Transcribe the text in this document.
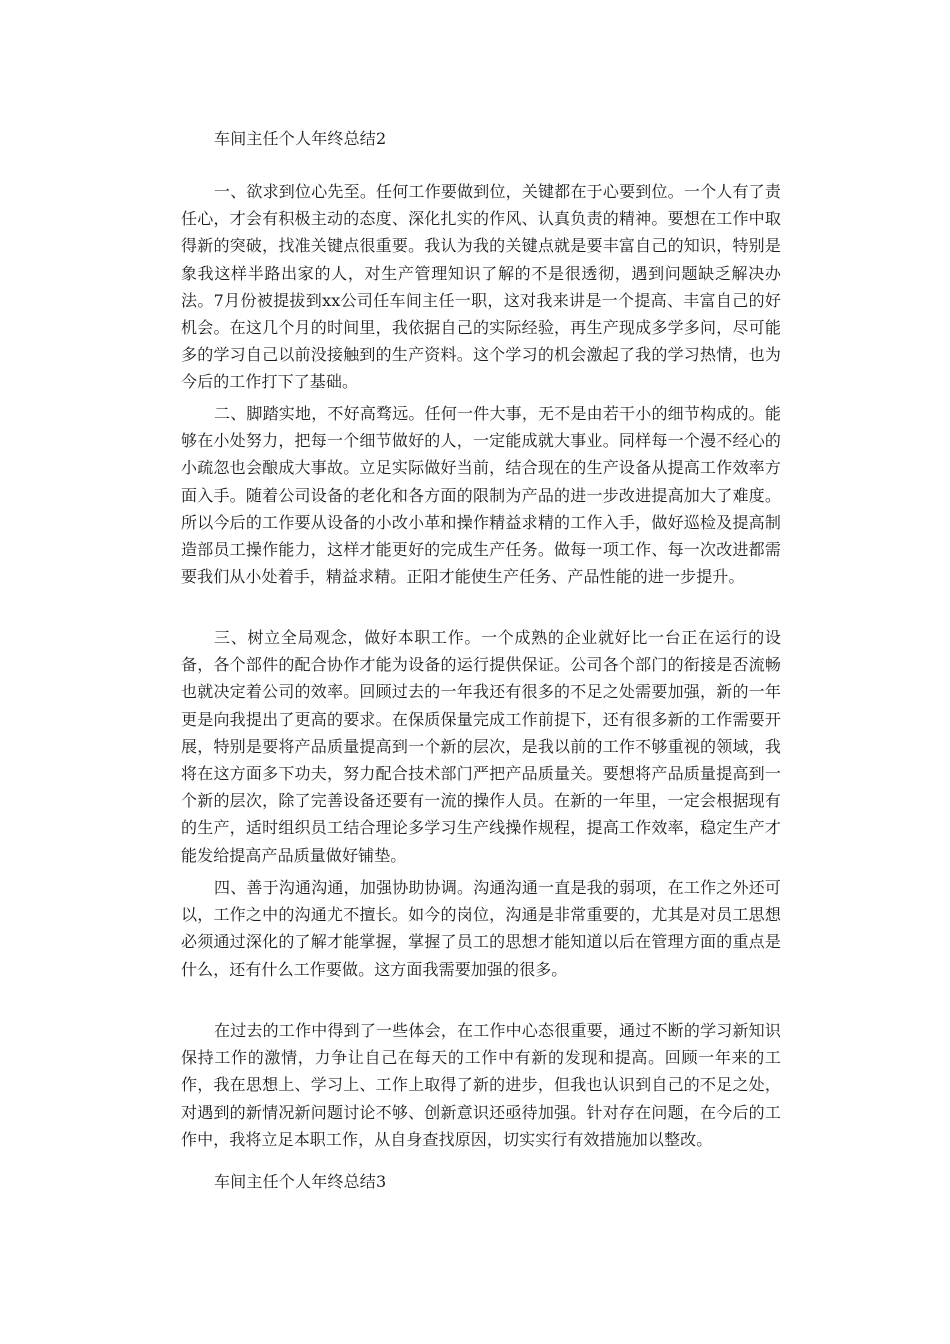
车间主任个人年终总结2

一、欲求到位心先至。任何工作要做到位，关键都在于心要到位。一个人有了责任心，才会有积极主动的态度、深化扎实的作风、认真负责的精神。要想在工作中取得新的突破，找准关键点很重要。我认为我的关键点就是要丰富自己的知识，特别是象我这样半路出家的人，对生产管理知识了解的不是很透彻，遇到问题缺乏解决办法。7月份被提拔到xx公司任车间主任一职，这对我来讲是一个提高、丰富自己的好机会。在这几个月的时间里，我依据自己的实际经验，再生产现成多学多问，尽可能多的学习自己以前没接触到的生产资料。这个学习的机会激起了我的学习热情，也为今后的工作打下了基础。

二、脚踏实地，不好高骛远。任何一件大事，无不是由若干小的细节构成的。能够在小处努力，把每一个细节做好的人，一定能成就大事业。同样每一个漫不经心的小疏忽也会酿成大事故。立足实际做好当前，结合现在的生产设备从提高工作效率方面入手。随着公司设备的老化和各方面的限制为产品的进一步改进提高加大了难度。所以今后的工作要从设备的小改小革和操作精益求精的工作入手，做好巡检及提高制造部员工操作能力，这样才能更好的完成生产任务。做每一项工作、每一次改进都需要我们从小处着手，精益求精。正阳才能使生产任务、产品性能的进一步提升。

三、树立全局观念，做好本职工作。一个成熟的企业就好比一台正在运行的设备，各个部件的配合协作才能为设备的运行提供保证。公司各个部门的衔接是否流畅也就决定着公司的效率。回顾过去的一年我还有很多的不足之处需要加强，新的一年更是向我提出了更高的要求。在保质保量完成工作前提下，还有很多新的工作需要开展，特别是要将产品质量提高到一个新的层次，是我以前的工作不够重视的领域，我将在这方面多下功夫，努力配合技术部门严把产品质量关。要想将产品质量提高到一个新的层次，除了完善设备还要有一流的操作人员。在新的一年里，一定会根据现有的生产，适时组织员工结合理论多学习生产线操作规程，提高工作效率，稳定生产才能发给提高产品质量做好铺垫。

四、善于沟通沟通，加强协助协调。沟通沟通一直是我的弱项，在工作之外还可以，工作之中的沟通尤不擅长。如今的岗位，沟通是非常重要的，尤其是对员工思想必须通过深化的了解才能掌握，掌握了员工的思想才能知道以后在管理方面的重点是什么，还有什么工作要做。这方面我需要加强的很多。

在过去的工作中得到了一些体会，在工作中心态很重要，通过不断的学习新知识保持工作的激情，力争让自己在每天的工作中有新的发现和提高。回顾一年来的工作，我在思想上、学习上、工作上取得了新的进步，但我也认识到自己的不足之处，对遇到的新情况新问题讨论不够、创新意识还亟待加强。针对存在问题，在今后的工作中，我将立足本职工作，从自身查找原因，切实实行有效措施加以整改。

车间主任个人年终总结3
